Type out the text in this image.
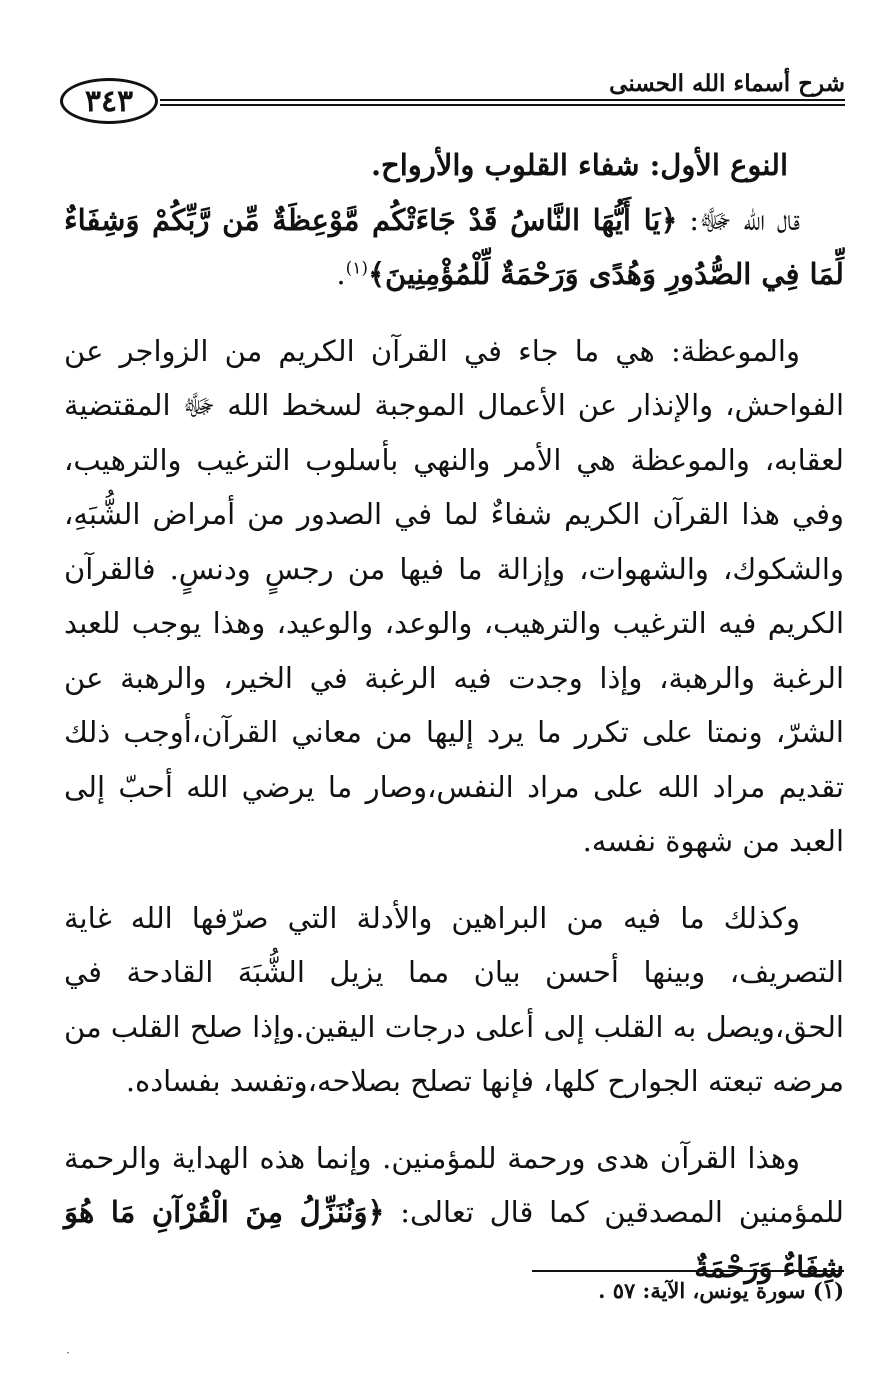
٣٤٣	شرح أسماء الله الحسنى

النوع الأول: شفاء القلوب والأرواح.

قال الله ﷻ: ﴿يَا أَيُّهَا النَّاسُ قَدْ جَاءَتْكُم مَّوْعِظَةٌ مِّن رَّبِّكُمْ وَشِفَاءٌ لِّمَا فِي الصُّدُورِ وَهُدًى وَرَحْمَةٌ لِّلْمُؤْمِنِينَ﴾$^{(١)}$.

والموعظة: هي ما جاء في القرآن الكريم من الزواجر عن الفواحش، والإنذار عن الأعمال الموجبة لسخط الله ﷻ المقتضية لعقابه، والموعظة هي الأمر والنهي بأسلوب الترغيب والترهيب، وفي هذا القرآن الكريم شفاءٌ لما في الصدور من أمراض الشُّبَهِ، والشكوك، والشهوات، وإزالة ما فيها من رجسٍ ودنسٍ. فالقرآن الكريم فيه الترغيب والترهيب، والوعد، والوعيد، وهذا يوجب للعبد الرغبة والرهبة، وإذا وجدت فيه الرغبة في الخير، والرهبة عن الشرّ، ونمتا على تكرر ما يرد إليها من معاني القرآن،أوجب ذلك تقديم مراد الله على مراد النفس،وصار ما يرضي الله أحبّ إلى العبد من شهوة نفسه.

وكذلك ما فيه من البراهين والأدلة التي صرّفها الله غاية التصريف، وبينها أحسن بيان مما يزيل الشُّبَهَ القادحة في الحق،ويصل به القلب إلى أعلى درجات اليقين.وإذا صلح القلب من مرضه تبعته الجوارح كلها، فإنها تصلح بصلاحه،وتفسد بفساده.

وهذا القرآن هدى ورحمة للمؤمنين. وإنما هذه الهداية والرحمة للمؤمنين المصدقين كما قال تعالى: ﴿وَنُنَزِّلُ مِنَ الْقُرْآنِ مَا هُوَ شِفَاءٌ وَرَحْمَةٌ

(١) سورة يونس، الآية: ٥٧ .
·
